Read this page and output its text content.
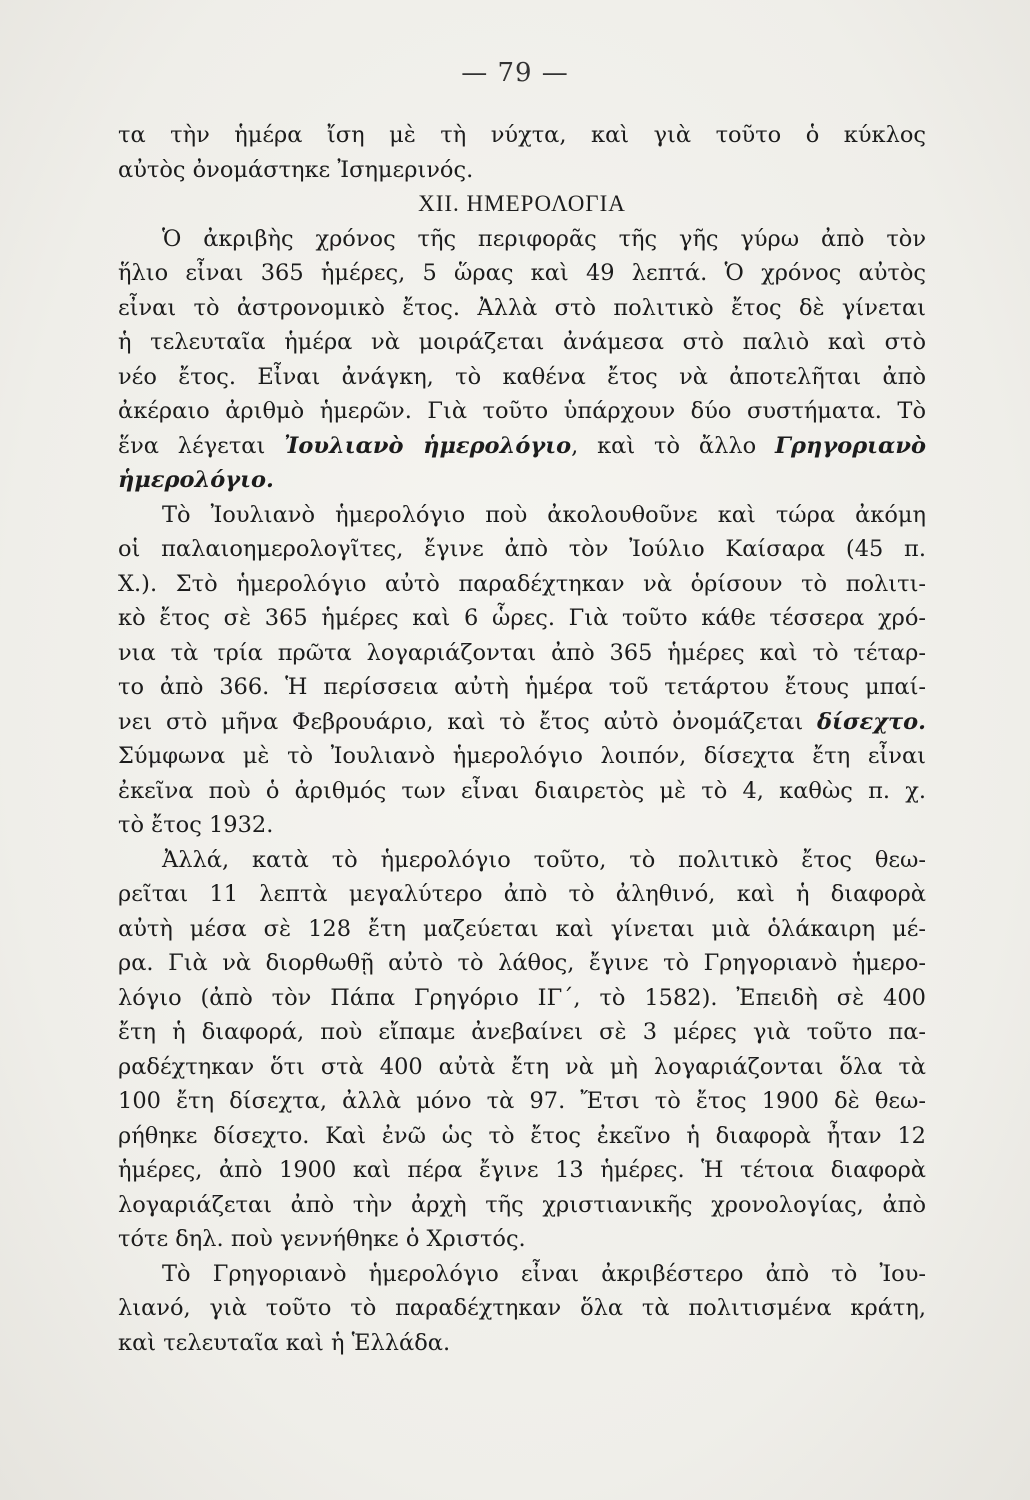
— 79 —
τα τὴν ἡμέρα ἴση μὲ τὴ νύχτα, καὶ γιὰ τοῦτο ὁ κύκλος
αὐτὸς ὀνομάστηκε Ἰσημερινός.
XII. ΗΜΕΡΟΛΟΓΙΑ
Ὁ ἀκριβὴς χρόνος τῆς περιφορᾶς τῆς γῆς γύρω ἀπὸ τὸν
ἥλιο εἶναι 365 ἡμέρες, 5 ὥρας καὶ 49 λεπτά. Ὁ χρόνος αὐτὸς
εἶναι τὸ ἀστρονομικὸ ἔτος. Ἀλλὰ στὸ πολιτικὸ ἔτος δὲ γίνεται
ἡ τελευταῖα ἡμέρα νὰ μοιράζεται ἀνάμεσα στὸ παλιὸ καὶ στὸ
νέο ἔτος. Εἶναι ἀνάγκη, τὸ καθένα ἔτος νὰ ἀποτελῆται ἀπὸ
ἀκέραιο ἀριθμὸ ἡμερῶν. Γιὰ τοῦτο ὑπάρχουν δύο συστήματα. Τὸ
ἕνα λέγεται Ἰουλιανὸ ἡμερολόγιο, καὶ τὸ ἄλλο Γρηγοριανὸ
ἡμερολόγιο.
Τὸ Ἰουλιανὸ ἡμερολόγιο ποὺ ἀκολουθοῦνε καὶ τώρα ἀκόμη
οἱ παλαιοημερολογῖτες, ἔγινε ἀπὸ τὸν Ἰούλιο Καίσαρα (45 π.
Χ.). Στὸ ἡμερολόγιο αὐτὸ παραδέχτηκαν νὰ ὁρίσουν τὸ πολιτι-
κὸ ἔτος σὲ 365 ἡμέρες καὶ 6 ὧρες. Γιὰ τοῦτο κάθε τέσσερα χρό-
νια τὰ τρία πρῶτα λογαριάζονται ἀπὸ 365 ἡμέρες καὶ τὸ τέταρ-
το ἀπὸ 366. Ἡ περίσσεια αὐτὴ ἡμέρα τοῦ τετάρτου ἔτους μπαί-
νει στὸ μῆνα Φεβρουάριο, καὶ τὸ ἔτος αὐτὸ ὀνομάζεται δίσεχτο.
Σύμφωνα μὲ τὸ Ἰουλιανὸ ἡμερολόγιο λοιπόν, δίσεχτα ἔτη εἶναι
ἐκεῖνα ποὺ ὁ ἀριθμός των εἶναι διαιρετὸς μὲ τὸ 4, καθὼς π. χ.
τὸ ἔτος 1932.
Ἀλλά, κατὰ τὸ ἡμερολόγιο τοῦτο, τὸ πολιτικὸ ἔτος θεω-
ρεῖται 11 λεπτὰ μεγαλύτερο ἀπὸ τὸ ἀληθινό, καὶ ἡ διαφορὰ
αὐτὴ μέσα σὲ 128 ἔτη μαζεύεται καὶ γίνεται μιὰ ὁλάκαιρη μέ-
ρα. Γιὰ νὰ διορθωθῇ αὐτὸ τὸ λάθος, ἔγινε τὸ Γρηγοριανὸ ἡμερο-
λόγιο (ἀπὸ τὸν Πάπα Γρηγόριο ΙΓ΄, τὸ 1582). Ἐπειδὴ σὲ 400
ἔτη ἡ διαφορά, ποὺ εἴπαμε ἀνεβαίνει σὲ 3 μέρες γιὰ τοῦτο πα-
ραδέχτηκαν ὅτι στὰ 400 αὐτὰ ἔτη νὰ μὴ λογαριάζονται ὅλα τὰ
100 ἔτη δίσεχτα, ἀλλὰ μόνο τὰ 97. Ἔτσι τὸ ἔτος 1900 δὲ θεω-
ρήθηκε δίσεχτο. Καὶ ἐνῶ ὡς τὸ ἔτος ἐκεῖνο ἡ διαφορὰ ἦταν 12
ἡμέρες, ἀπὸ 1900 καὶ πέρα ἔγινε 13 ἡμέρες. Ἡ τέτοια διαφορὰ
λογαριάζεται ἀπὸ τὴν ἀρχὴ τῆς χριστιανικῆς χρονολογίας, ἀπὸ
τότε δηλ. ποὺ γεννήθηκε ὁ Χριστός.
Τὸ Γρηγοριανὸ ἡμερολόγιο εἶναι ἀκριβέστερο ἀπὸ τὸ Ἰου-
λιανό, γιὰ τοῦτο τὸ παραδέχτηκαν ὅλα τὰ πολιτισμένα κράτη,
καὶ τελευταῖα καὶ ἡ Ἑλλάδα.
